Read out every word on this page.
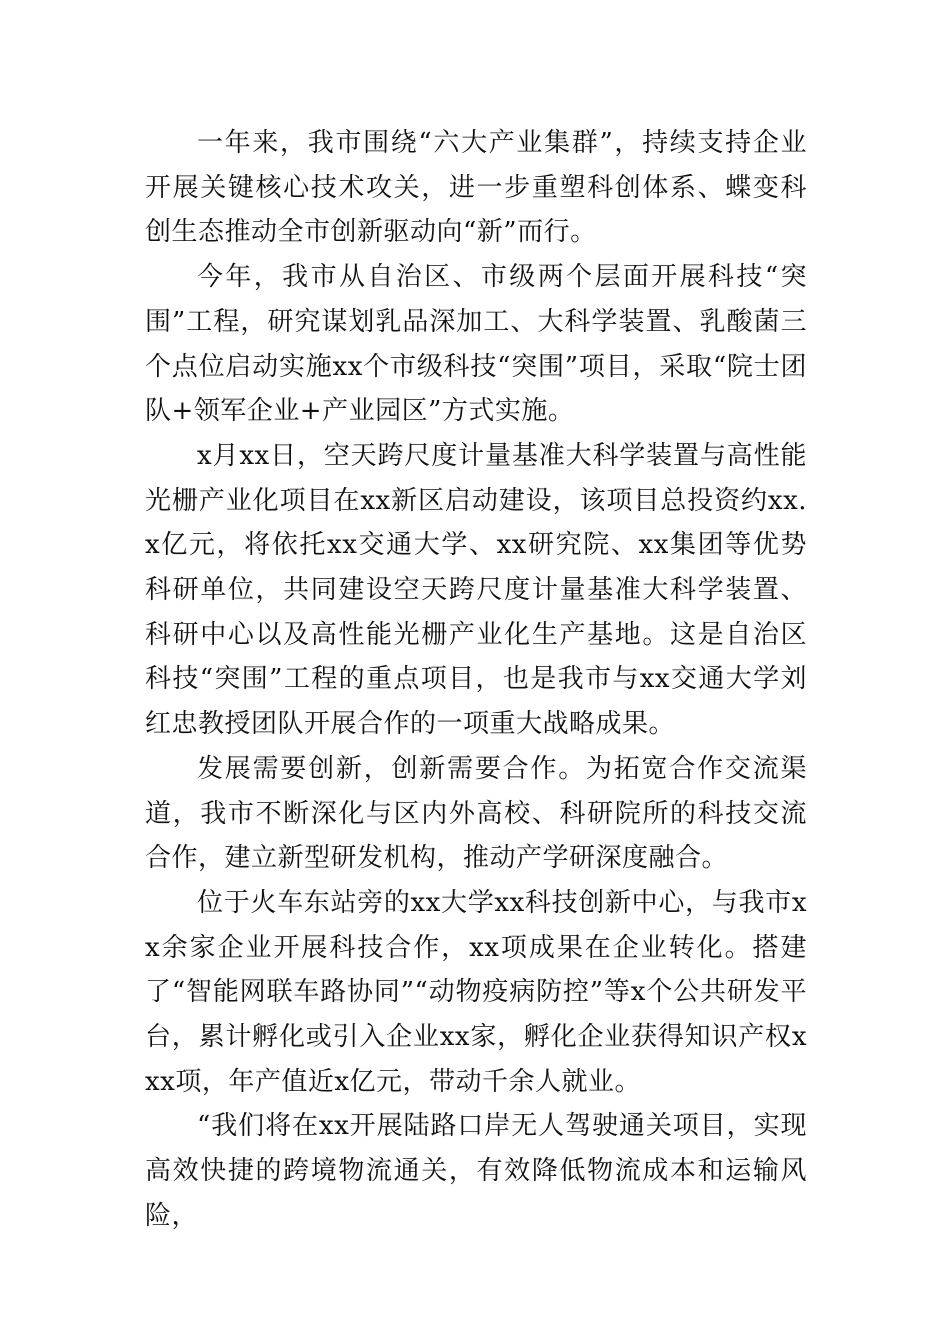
一年来，我市围绕“六大产业集群”，持续支持企业开展关键核心技术攻关，进一步重塑科创体系、蝶变科创生态推动全市创新驱动向“新”而行。

今年，我市从自治区、市级两个层面开展科技“突围”工程，研究谋划乳品深加工、大科学装置、乳酸菌三个点位启动实施xx个市级科技“突围”项目，采取“院士团队+领军企业+产业园区”方式实施。

x月xx日，空天跨尺度计量基准大科学装置与高性能光栅产业化项目在xx新区启动建设，该项目总投资约xx.x亿元，将依托xx交通大学、xx研究院、xx集团等优势科研单位，共同建设空天跨尺度计量基准大科学装置、科研中心以及高性能光栅产业化生产基地。这是自治区科技“突围”工程的重点项目，也是我市与xx交通大学刘红忠教授团队开展合作的一项重大战略成果。

发展需要创新，创新需要合作。为拓宽合作交流渠道，我市不断深化与区内外高校、科研院所的科技交流合作，建立新型研发机构，推动产学研深度融合。

位于火车东站旁的xx大学xx科技创新中心，与我市xx余家企业开展科技合作，xx项成果在企业转化。搭建了“智能网联车路协同”“动物疫病防控”等x个公共研发平台，累计孵化或引入企业xx家，孵化企业获得知识产权xxx项，年产值近x亿元，带动千余人就业。

“我们将在xx开展陆路口岸无人驾驶通关项目，实现高效快捷的跨境物流通关，有效降低物流成本和运输风险，
